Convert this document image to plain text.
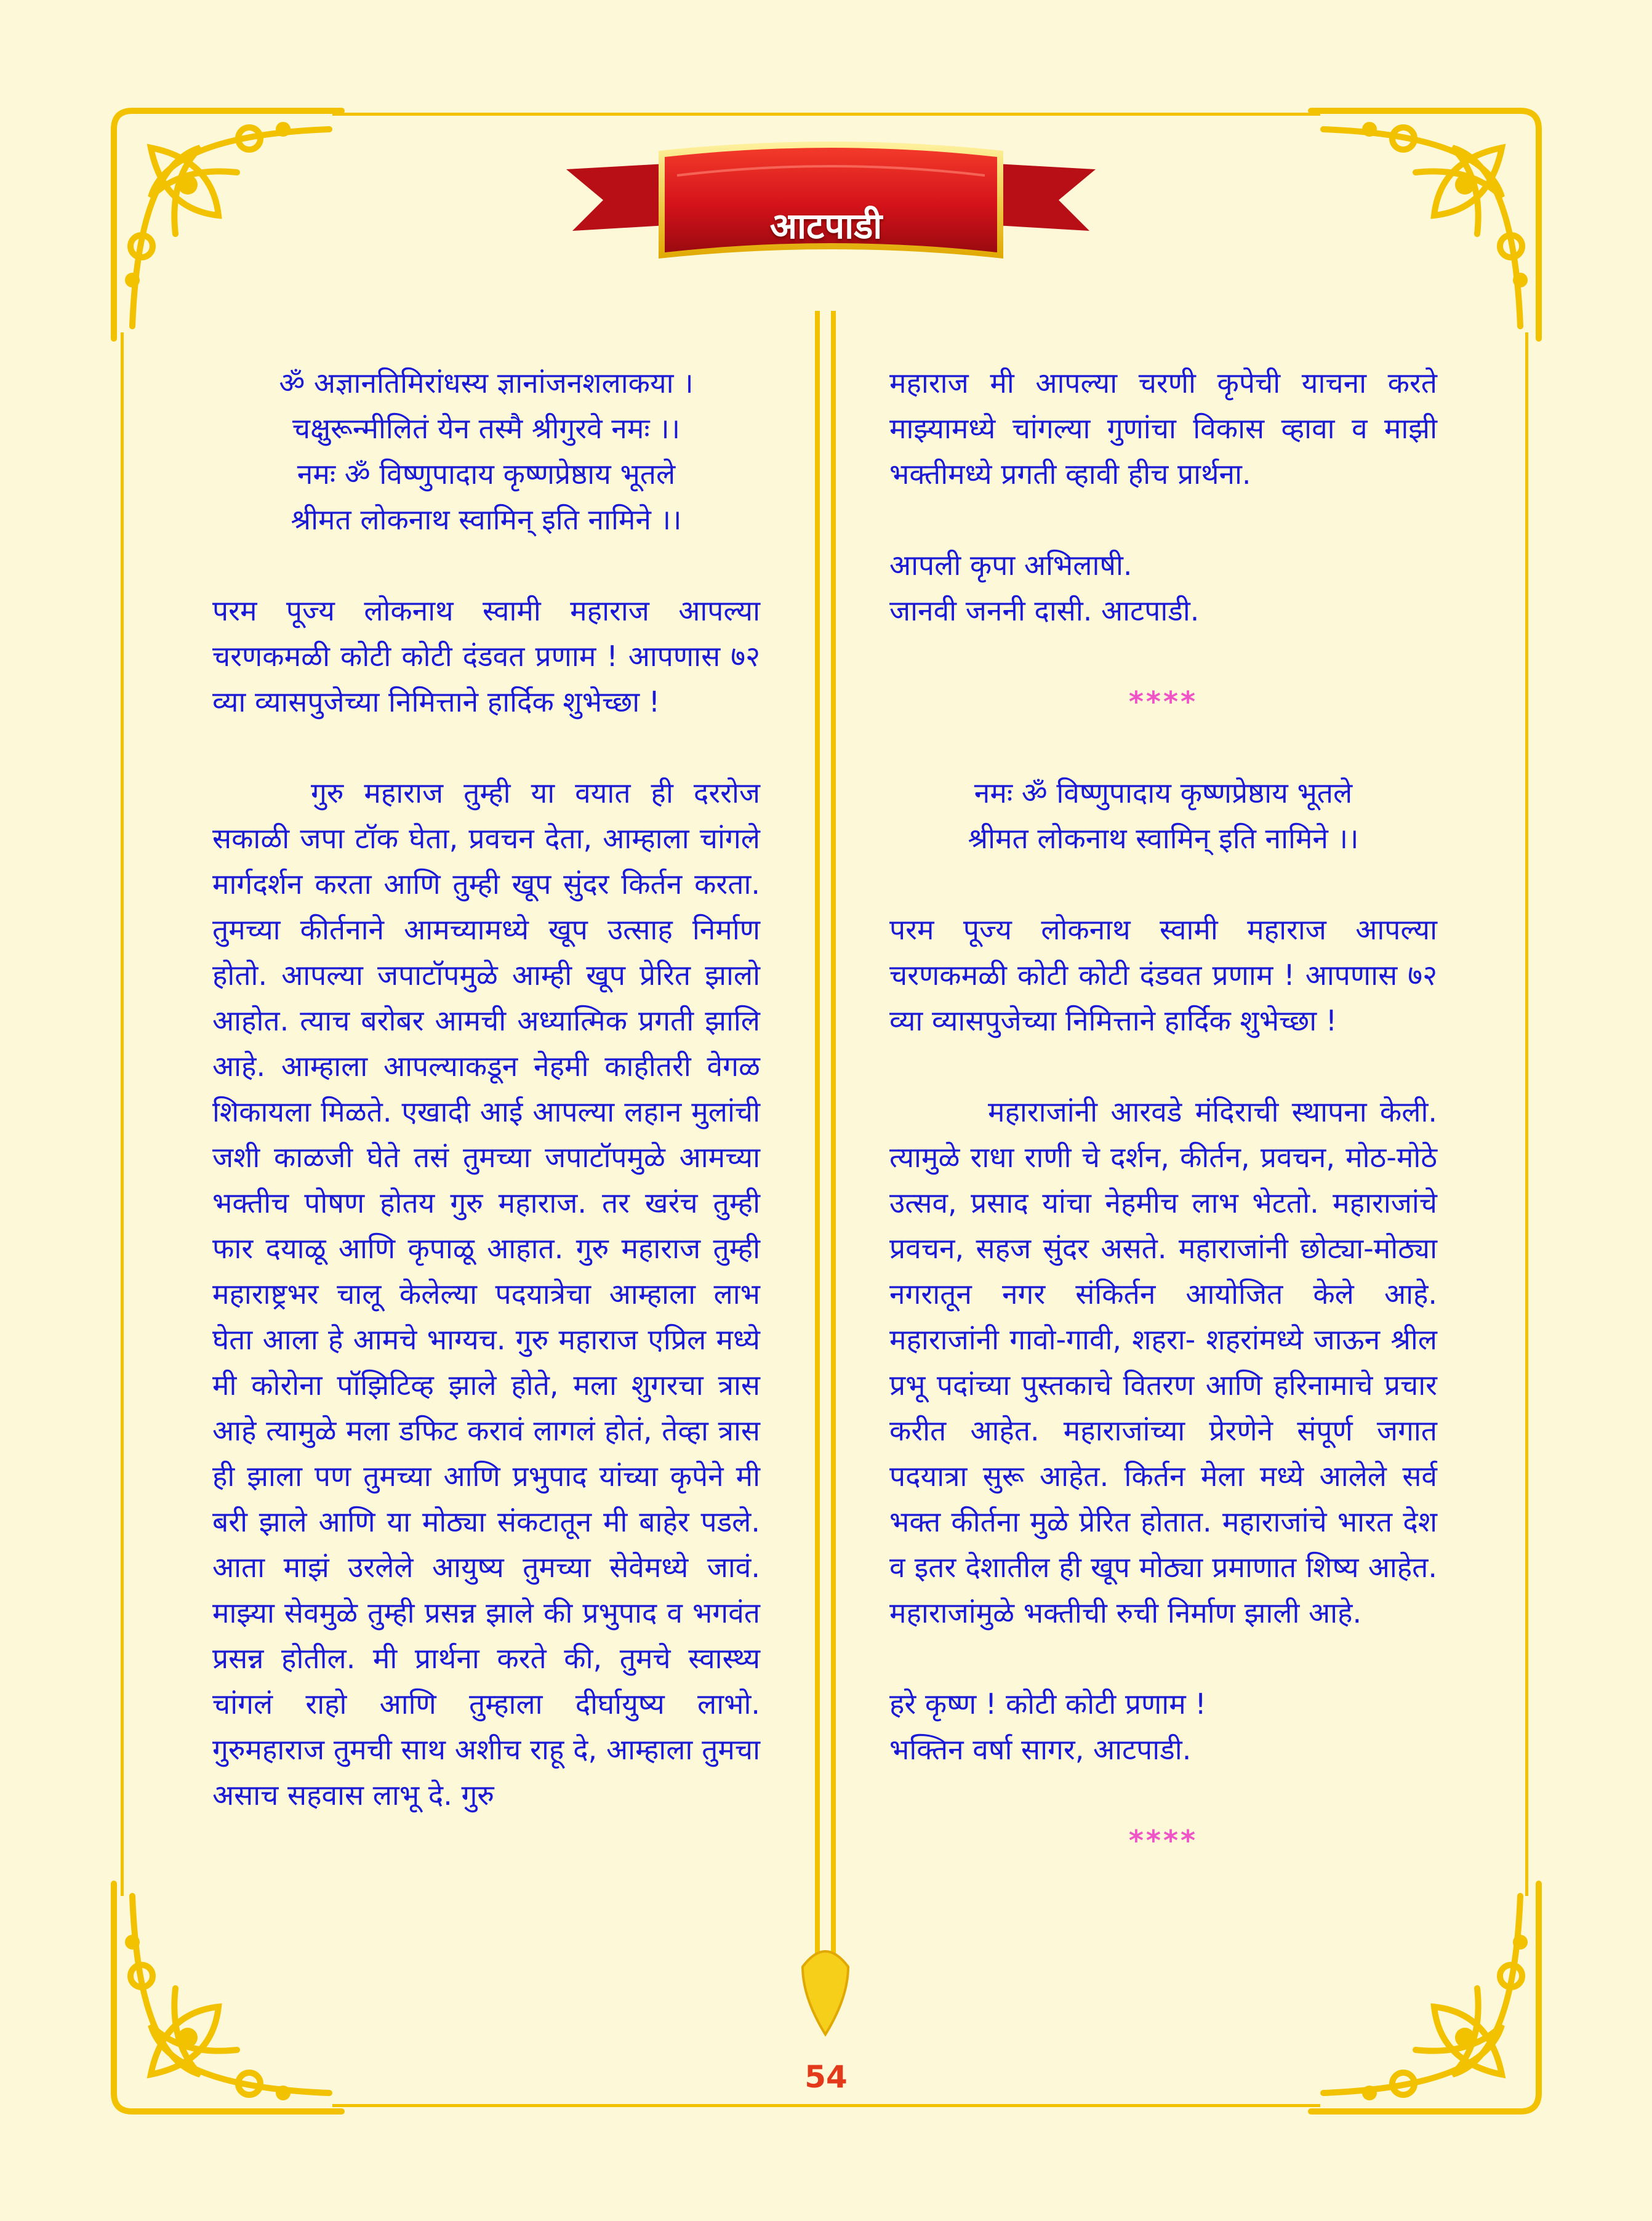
आटपाडी

ॐ अज्ञानतिमिरांधस्य ज्ञानांजनशलाकया ।

चक्षुरून्मीलितं येन तस्मै श्रीगुरवे नमः ।।

नमः ॐ विष्णुपादाय कृष्णप्रेष्ठाय भूतले

श्रीमत लोकनाथ स्वामिन् इति नामिने ।।

परम पूज्य लोकनाथ स्वामी महाराज आपल्या चरणकमळी कोटी कोटी दंडवत प्रणाम ! आपणास ७२ व्या व्यासपुजेच्या निमित्ताने हार्दिक शुभेच्छा !

गुरु महाराज तुम्ही या वयात ही दररोज सकाळी जपा टॉक घेता, प्रवचन देता, आम्हाला चांगले मार्गदर्शन करता आणि तुम्ही खूप सुंदर किर्तन करता. तुमच्या कीर्तनाने आमच्यामध्ये खूप उत्साह निर्माण होतो. आपल्या जपाटॉपमुळे आम्ही खूप प्रेरित झालो आहोत. त्याच बरोबर आमची अध्यात्मिक प्रगती झालि आहे. आम्हाला आपल्याकडून नेहमी काहीतरी वेगळ शिकायला मिळते. एखादी आई आपल्या लहान मुलांची जशी काळजी घेते तसं तुमच्या जपाटॉपमुळे आमच्या भक्तीच पोषण होतय गुरु महाराज. तर खरंच तुम्ही फार दयाळू आणि कृपाळू आहात. गुरु महाराज तुम्ही महाराष्ट्रभर चालू केलेल्या पदयात्रेचा आम्हाला लाभ घेता आला हे आमचे भाग्यच. गुरु महाराज एप्रिल मध्ये मी कोरोना पॉझिटिव्ह झाले होते, मला शुगरचा त्रास आहे त्यामुळे मला डफिट करावं लागलं होतं, तेव्हा त्रास ही झाला पण तुमच्या आणि प्रभुपाद यांच्या कृपेने मी बरी झाले आणि या मोठ्या संकटातून मी बाहेर पडले. आता माझं उरलेले आयुष्य तुमच्या सेवेमध्ये जावं. माझ्या सेवमुळे तुम्ही प्रसन्न झाले की प्रभुपाद व भगवंत प्रसन्न होतील. मी प्रार्थना करते की, तुमचे स्वास्थ्य चांगलं राहो आणि तुम्हाला दीर्घायुष्य लाभो. गुरुमहाराज तुमची साथ अशीच राहू दे, आम्हाला तुमचा असाच सहवास लाभू दे. गुरु

महाराज मी आपल्या चरणी कृपेची याचना करते माझ्यामध्ये चांगल्या गुणांचा विकास व्हावा व माझी भक्तीमध्ये प्रगती व्हावी हीच प्रार्थना.

आपली कृपा अभिलाषी.

जानवी जननी दासी. आटपाडी.

****

नमः ॐ विष्णुपादाय कृष्णप्रेष्ठाय भूतले

श्रीमत लोकनाथ स्वामिन् इति नामिने ।।

परम पूज्य लोकनाथ स्वामी महाराज आपल्या चरणकमळी कोटी कोटी दंडवत प्रणाम ! आपणास ७२ व्या व्यासपुजेच्या निमित्ताने हार्दिक शुभेच्छा !

महाराजांनी आरवडे मंदिराची स्थापना केली. त्यामुळे राधा राणी चे दर्शन, कीर्तन, प्रवचन, मोठ-मोठे उत्सव, प्रसाद यांचा नेहमीच लाभ भेटतो. महाराजांचे प्रवचन, सहज सुंदर असते. महाराजांनी छोट्या-मोठ्या नगरातून नगर संकिर्तन आयोजित केले आहे. महाराजांनी गावो-गावी, शहरा- शहरांमध्ये जाऊन श्रील प्रभू पदांच्या पुस्तकाचे वितरण आणि हरिनामाचे प्रचार करीत आहेत. महाराजांच्या प्रेरणेने संपूर्ण जगात पदयात्रा सुरू आहेत. किर्तन मेला मध्ये आलेले सर्व भक्त कीर्तना मुळे प्रेरित होतात. महाराजांचे भारत देश व इतर देशातील ही खूप मोठ्या प्रमाणात शिष्य आहेत. महाराजांमुळे भक्तीची रुची निर्माण झाली आहे.

हरे कृष्ण ! कोटी कोटी प्रणाम !

भक्तिन वर्षा सागर, आटपाडी.

****

54
